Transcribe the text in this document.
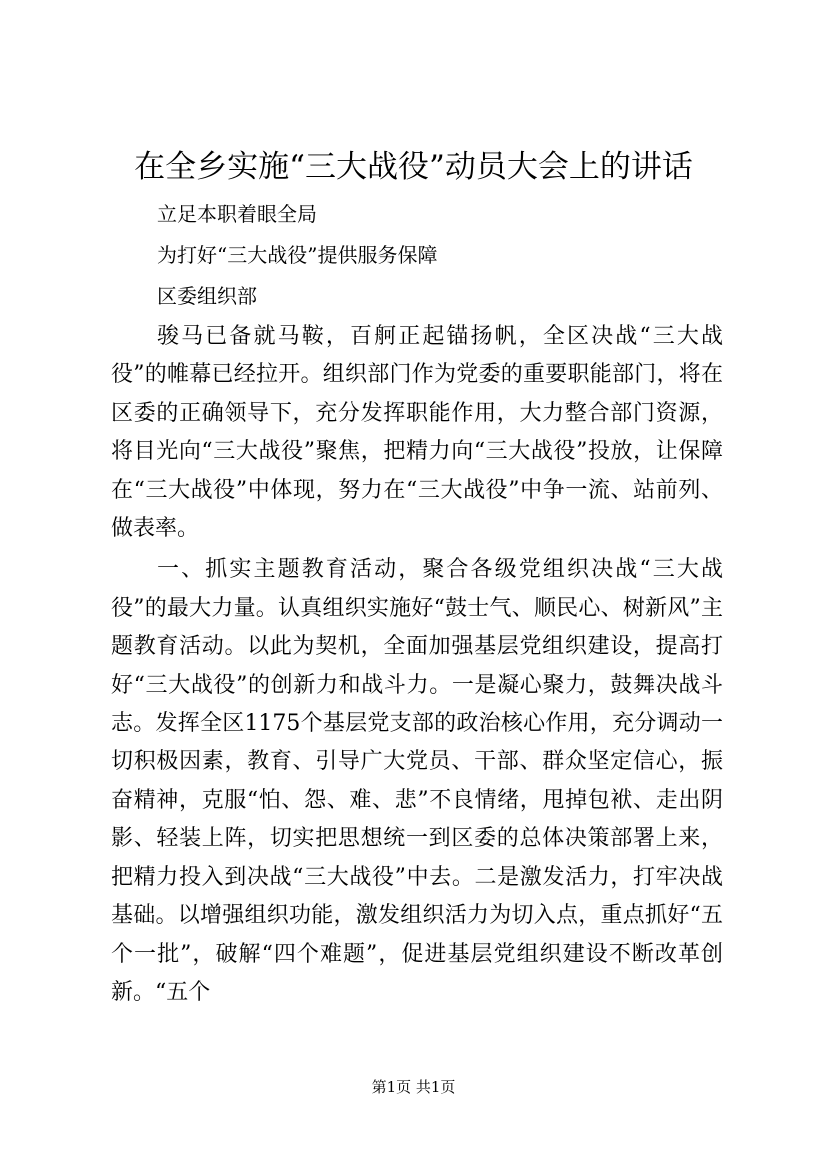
在全乡实施“三大战役”动员大会上的讲话

立足本职着眼全局

为打好“三大战役”提供服务保障

区委组织部

骏马已备就马鞍，百舸正起锚扬帆，全区决战“三大战役”的帷幕已经拉开。组织部门作为党委的重要职能部门，将在区委的正确领导下，充分发挥职能作用，大力整合部门资源，将目光向“三大战役”聚焦，把精力向“三大战役”投放，让保障在“三大战役”中体现，努力在“三大战役”中争一流、站前列、做表率。

一、抓实主题教育活动，聚合各级党组织决战“三大战役”的最大力量。认真组织实施好“鼓士气、顺民心、树新风”主题教育活动。以此为契机，全面加强基层党组织建设，提高打好“三大战役”的创新力和战斗力。一是凝心聚力，鼓舞决战斗志。发挥全区1175个基层党支部的政治核心作用，充分调动一切积极因素，教育、引导广大党员、干部、群众坚定信心，振奋精神，克服“怕、怨、难、悲”不良情绪，甩掉包袱、走出阴影、轻装上阵，切实把思想统一到区委的总体决策部署上来，把精力投入到决战“三大战役”中去。二是激发活力，打牢决战基础。以增强组织功能，激发组织活力为切入点，重点抓好“五个一批”，破解“四个难题”，促进基层党组织建设不断改革创新。“五个

第1页 共1页
